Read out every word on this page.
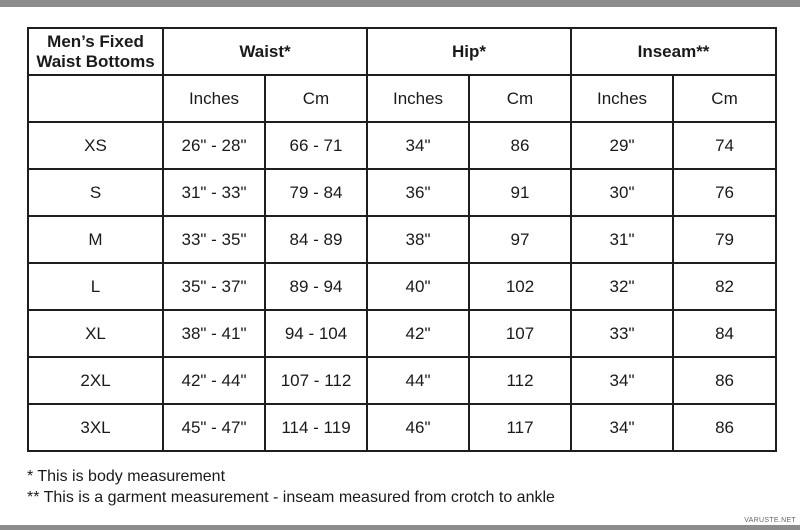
Men’s Fixed
Waist Bottoms	Waist*		Hip*		Inseam**	
	Inches	Cm	Inches	Cm	Inches	Cm
XS	26" - 28"	66 - 71	34"	86	29"	74
S	31" - 33"	79 - 84	36"	91	30"	76
M	33" - 35"	84 - 89	38"	97	31"	79
L	35" - 37"	89 - 94	40"	102	32"	82
XL	38" - 41"	94 - 104	42"	107	33"	84
2XL	42" - 44"	107 - 112	44"	112	34"	86
3XL	45" - 47"	114 - 119	46"	117	34"	86
* This is body measurement
** This is a garment measurement - inseam measured from crotch to ankle
VARUSTE.NET
